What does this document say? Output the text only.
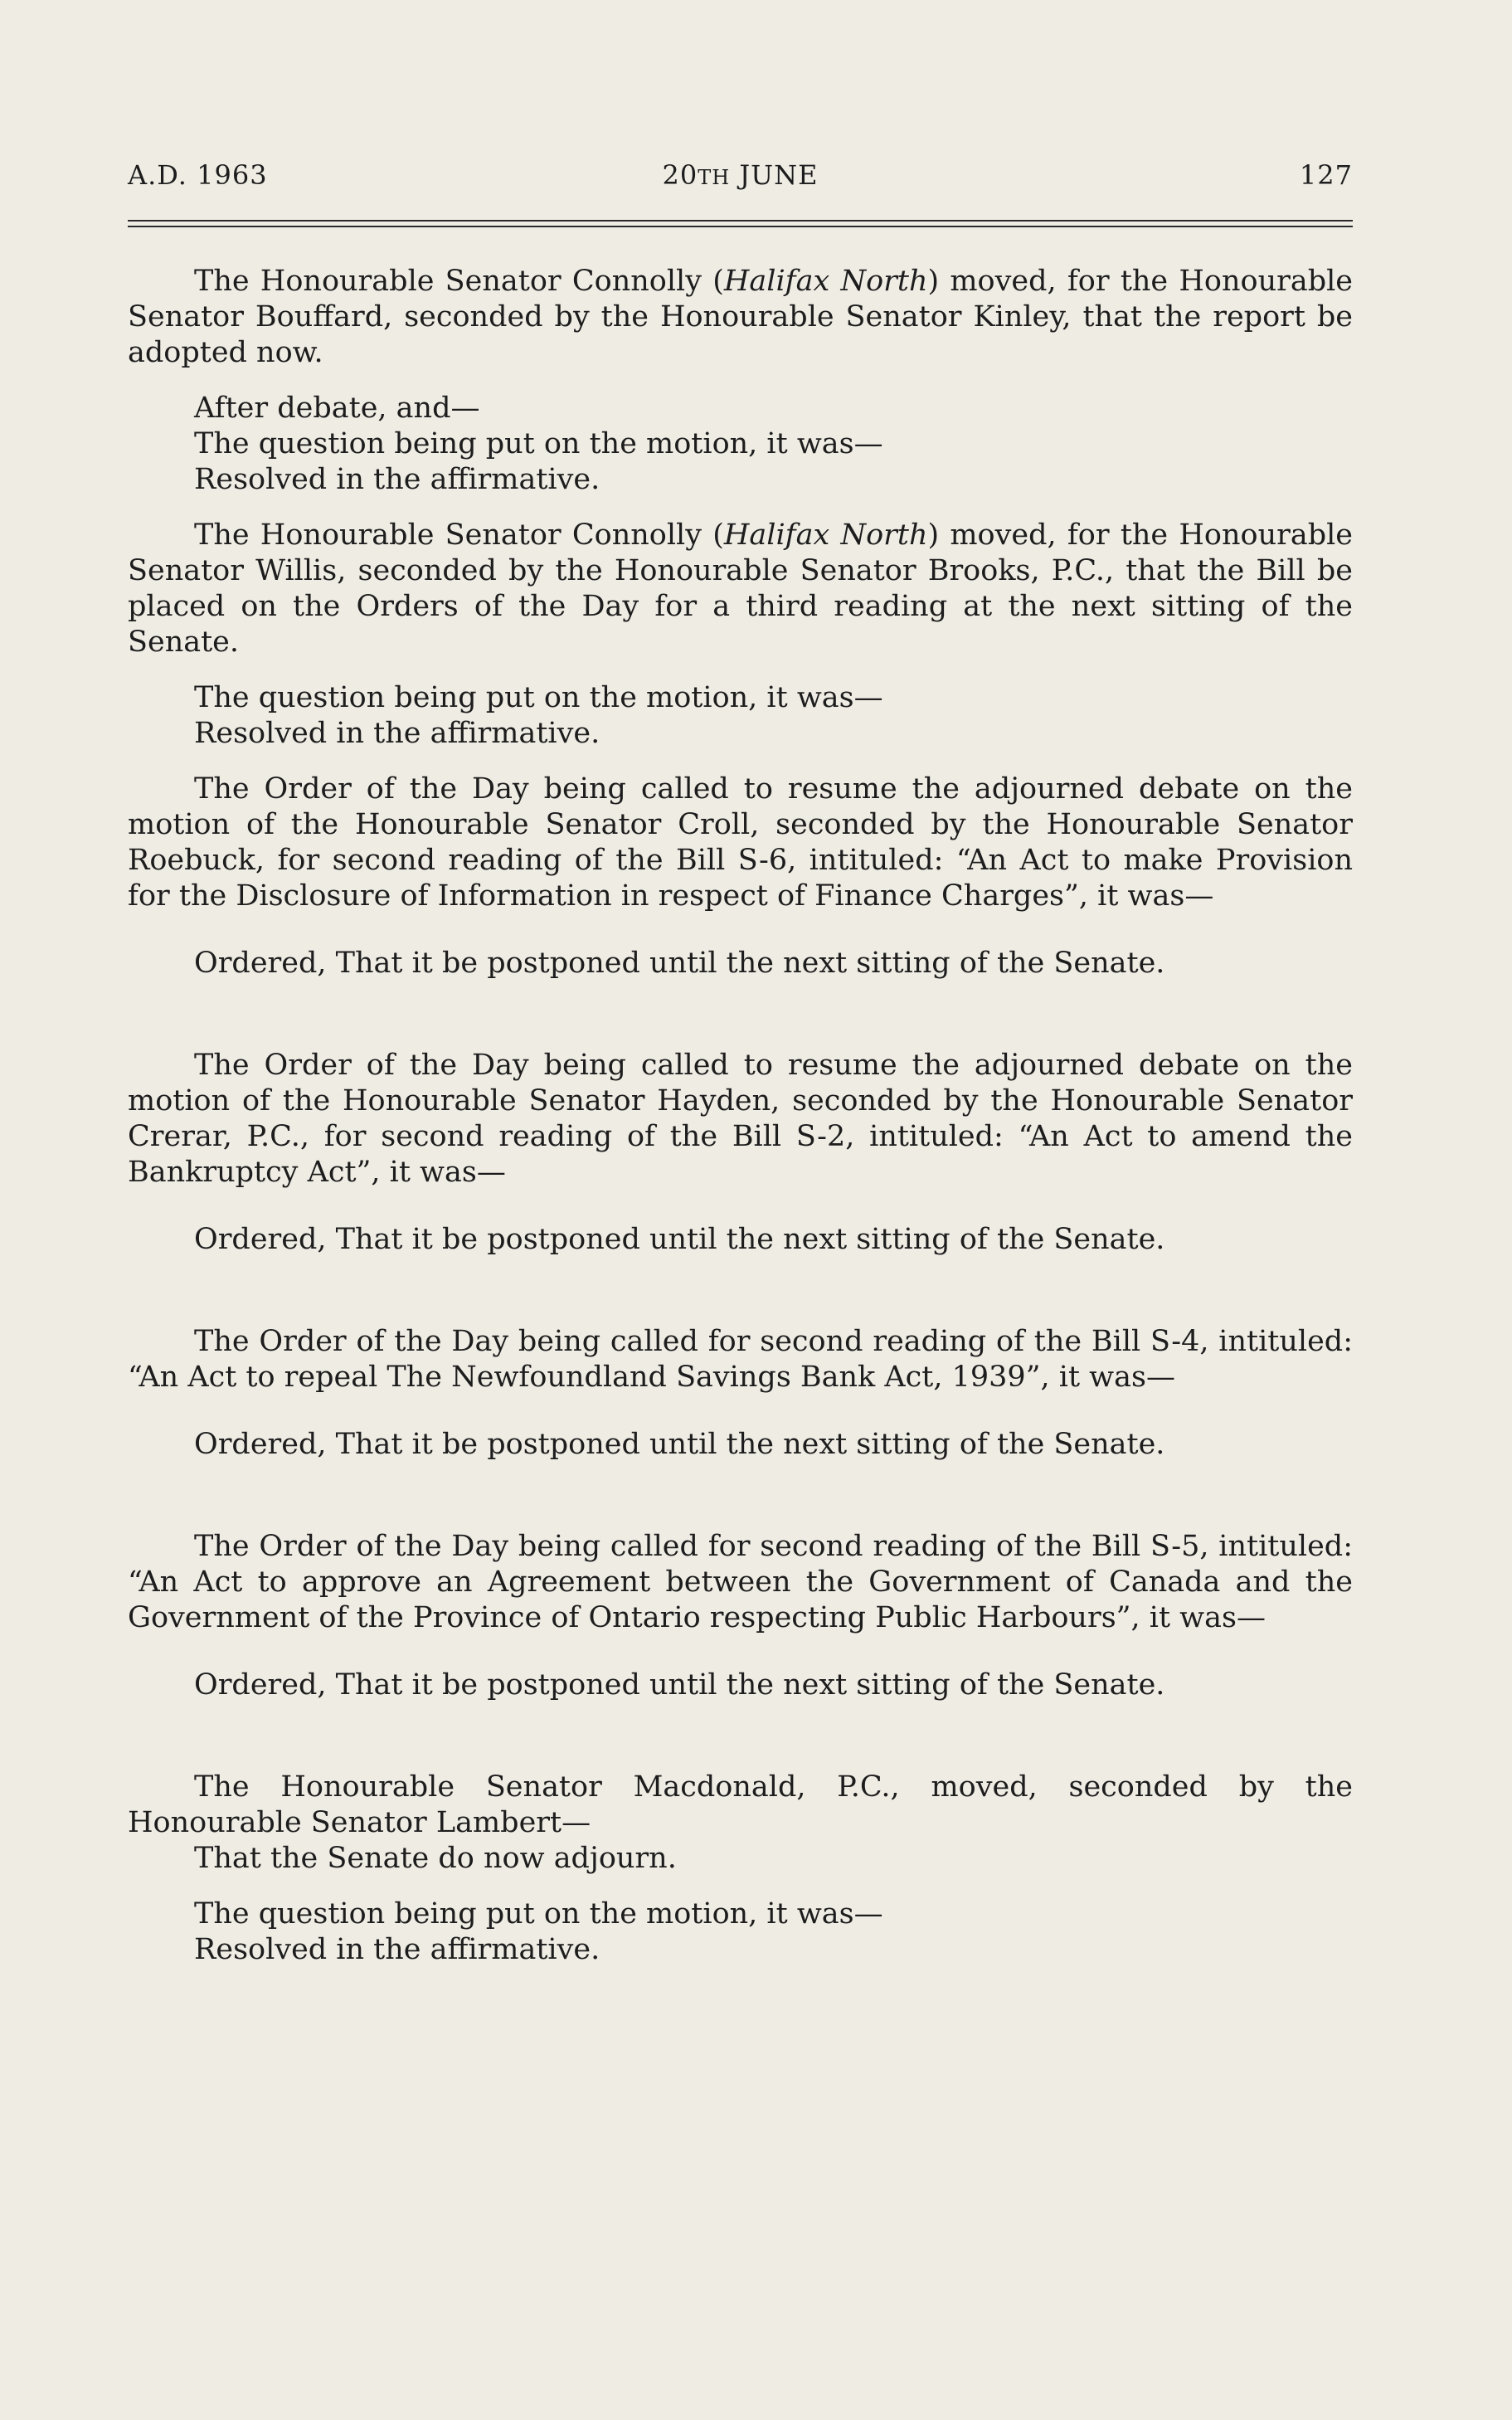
A.D. 1963	20TH JUNE	127

The Honourable Senator Connolly (Halifax North) moved, for the Honourable Senator Bouffard, seconded by the Honourable Senator Kinley, that the report be adopted now.

After debate, and—
The question being put on the motion, it was—
Resolved in the affirmative.

The Honourable Senator Connolly (Halifax North) moved, for the Honourable Senator Willis, seconded by the Honourable Senator Brooks, P.C., that the Bill be placed on the Orders of the Day for a third reading at the next sitting of the Senate.

The question being put on the motion, it was—
Resolved in the affirmative.

The Order of the Day being called to resume the adjourned debate on the motion of the Honourable Senator Croll, seconded by the Honourable Senator Roebuck, for second reading of the Bill S-6, intituled: “An Act to make Provision for the Disclosure of Information in respect of Finance Charges”, it was—

Ordered, That it be postponed until the next sitting of the Senate.

The Order of the Day being called to resume the adjourned debate on the motion of the Honourable Senator Hayden, seconded by the Honourable Senator Crerar, P.C., for second reading of the Bill S-2, intituled: “An Act to amend the Bankruptcy Act”, it was—

Ordered, That it be postponed until the next sitting of the Senate.

The Order of the Day being called for second reading of the Bill S-4, intituled: “An Act to repeal The Newfoundland Savings Bank Act, 1939”, it was—

Ordered, That it be postponed until the next sitting of the Senate.

The Order of the Day being called for second reading of the Bill S-5, intituled: “An Act to approve an Agreement between the Government of Canada and the Government of the Province of Ontario respecting Public Harbours”, it was—

Ordered, That it be postponed until the next sitting of the Senate.

The Honourable Senator Macdonald, P.C., moved, seconded by the Honourable Senator Lambert—

That the Senate do now adjourn.

The question being put on the motion, it was—
Resolved in the affirmative.
